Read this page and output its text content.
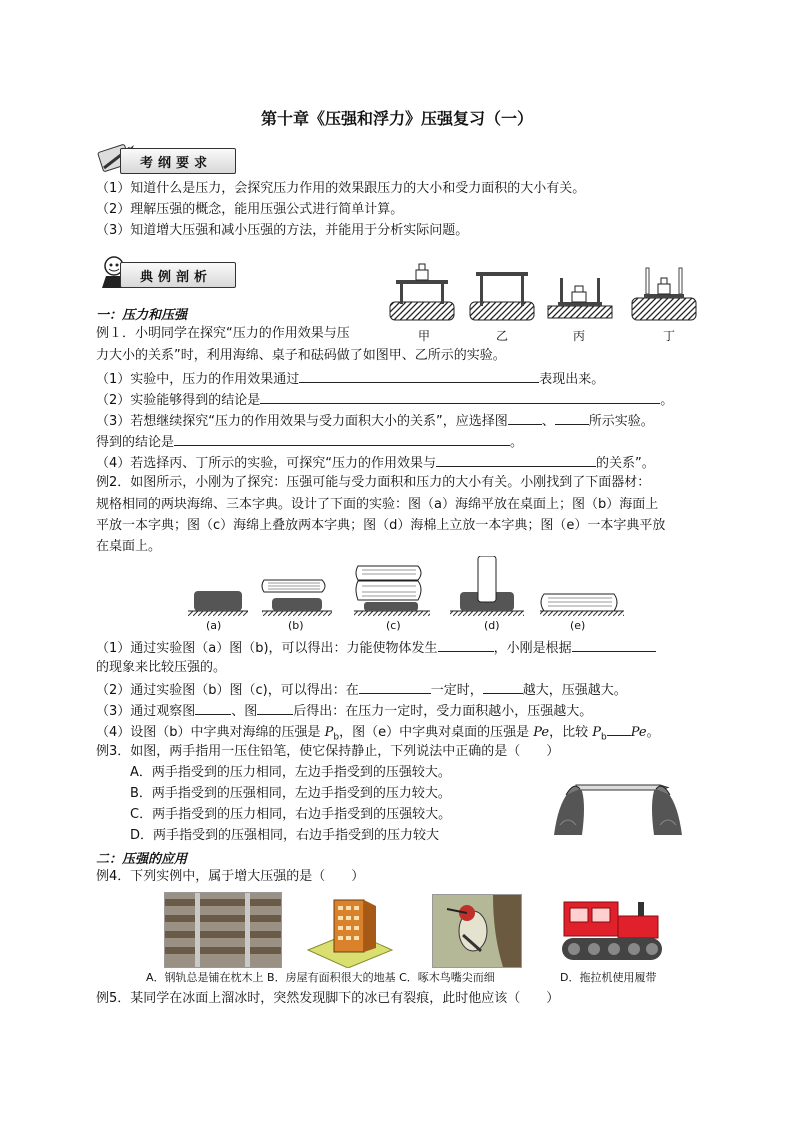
第十章《压强和浮力》压强复习（一）
考纲要求
（1）知道什么是压力，会探究压力作用的效果跟压力的大小和受力面积的大小有关。
（2）理解压强的概念，能用压强公式进行简单计算。
（3）知道增大压强和减小压强的方法，并能用于分析实际问题。
典例剖析
一：压力和压强
甲	乙	丙	丁
例１．小明同学在探究“压力的作用效果与压
力大小的关系”时，利用海绵、桌子和砝码做了如图甲、乙所示的实验。
（1）实验中，压力的作用效果通过	表现出来。
（2）实验能够得到的结论是	。
（3）若想继续探究“压力的作用效果与受力面积大小的关系”，应选择图	、	所示实验。
得到的结论是	。
（4）若选择丙、丁所示的实验，可探究“压力的作用效果与	的关系”。
例2．如图所示，小刚为了探究：压强可能与受力面积和压力的大小有关。小刚找到了下面器材：
规格相同的两块海绵、三本字典。设计了下面的实验：图（a）海绵平放在桌面上；图（b）海面上
平放一本字典；图（c）海绵上叠放两本字典；图（d）海棉上立放一本字典；图（e）一本字典平放
在桌面上。
(a)	(b)	(c)	(d)	(e)
（1）通过实验图（a）图（b)，可以得出：力能使物体发生	，小刚是根据
的现象来比较压强的。
（2）通过实验图（b）图（c)，可以得出：在	一定时，	越大，压强越大。
（3）通过观察图	、图	后得出：在压力一定时，受力面积越小，压强越大。
（4）设图（b）中字典对海绵的压强是 $P_b$，图（e）中字典对桌面的压强是 Pe，比较 $P_b$ Pe。
例3．如图，两手指用一压住铅笔，使它保持静止，下列说法中正确的是（　　）
A．两手指受到的压力相同，左边手指受到的压强较大。
B．两手指受到的压强相同，左边手指受到的压力较大。
C．两手指受到的压力相同，右边手指受到的压强较大。
D．两手指受到的压强相同，右边手指受到的压力较大
二：压强的应用
例4．下列实例中，属于增大压强的是（　　）
A．钢轨总是铺在枕木上 B．房屋有面积很大的地基 C．啄木鸟嘴尖而细	D．拖拉机使用履带
例5．某同学在冰面上溜冰时，突然发现脚下的冰已有裂痕，此时他应该（　　）
